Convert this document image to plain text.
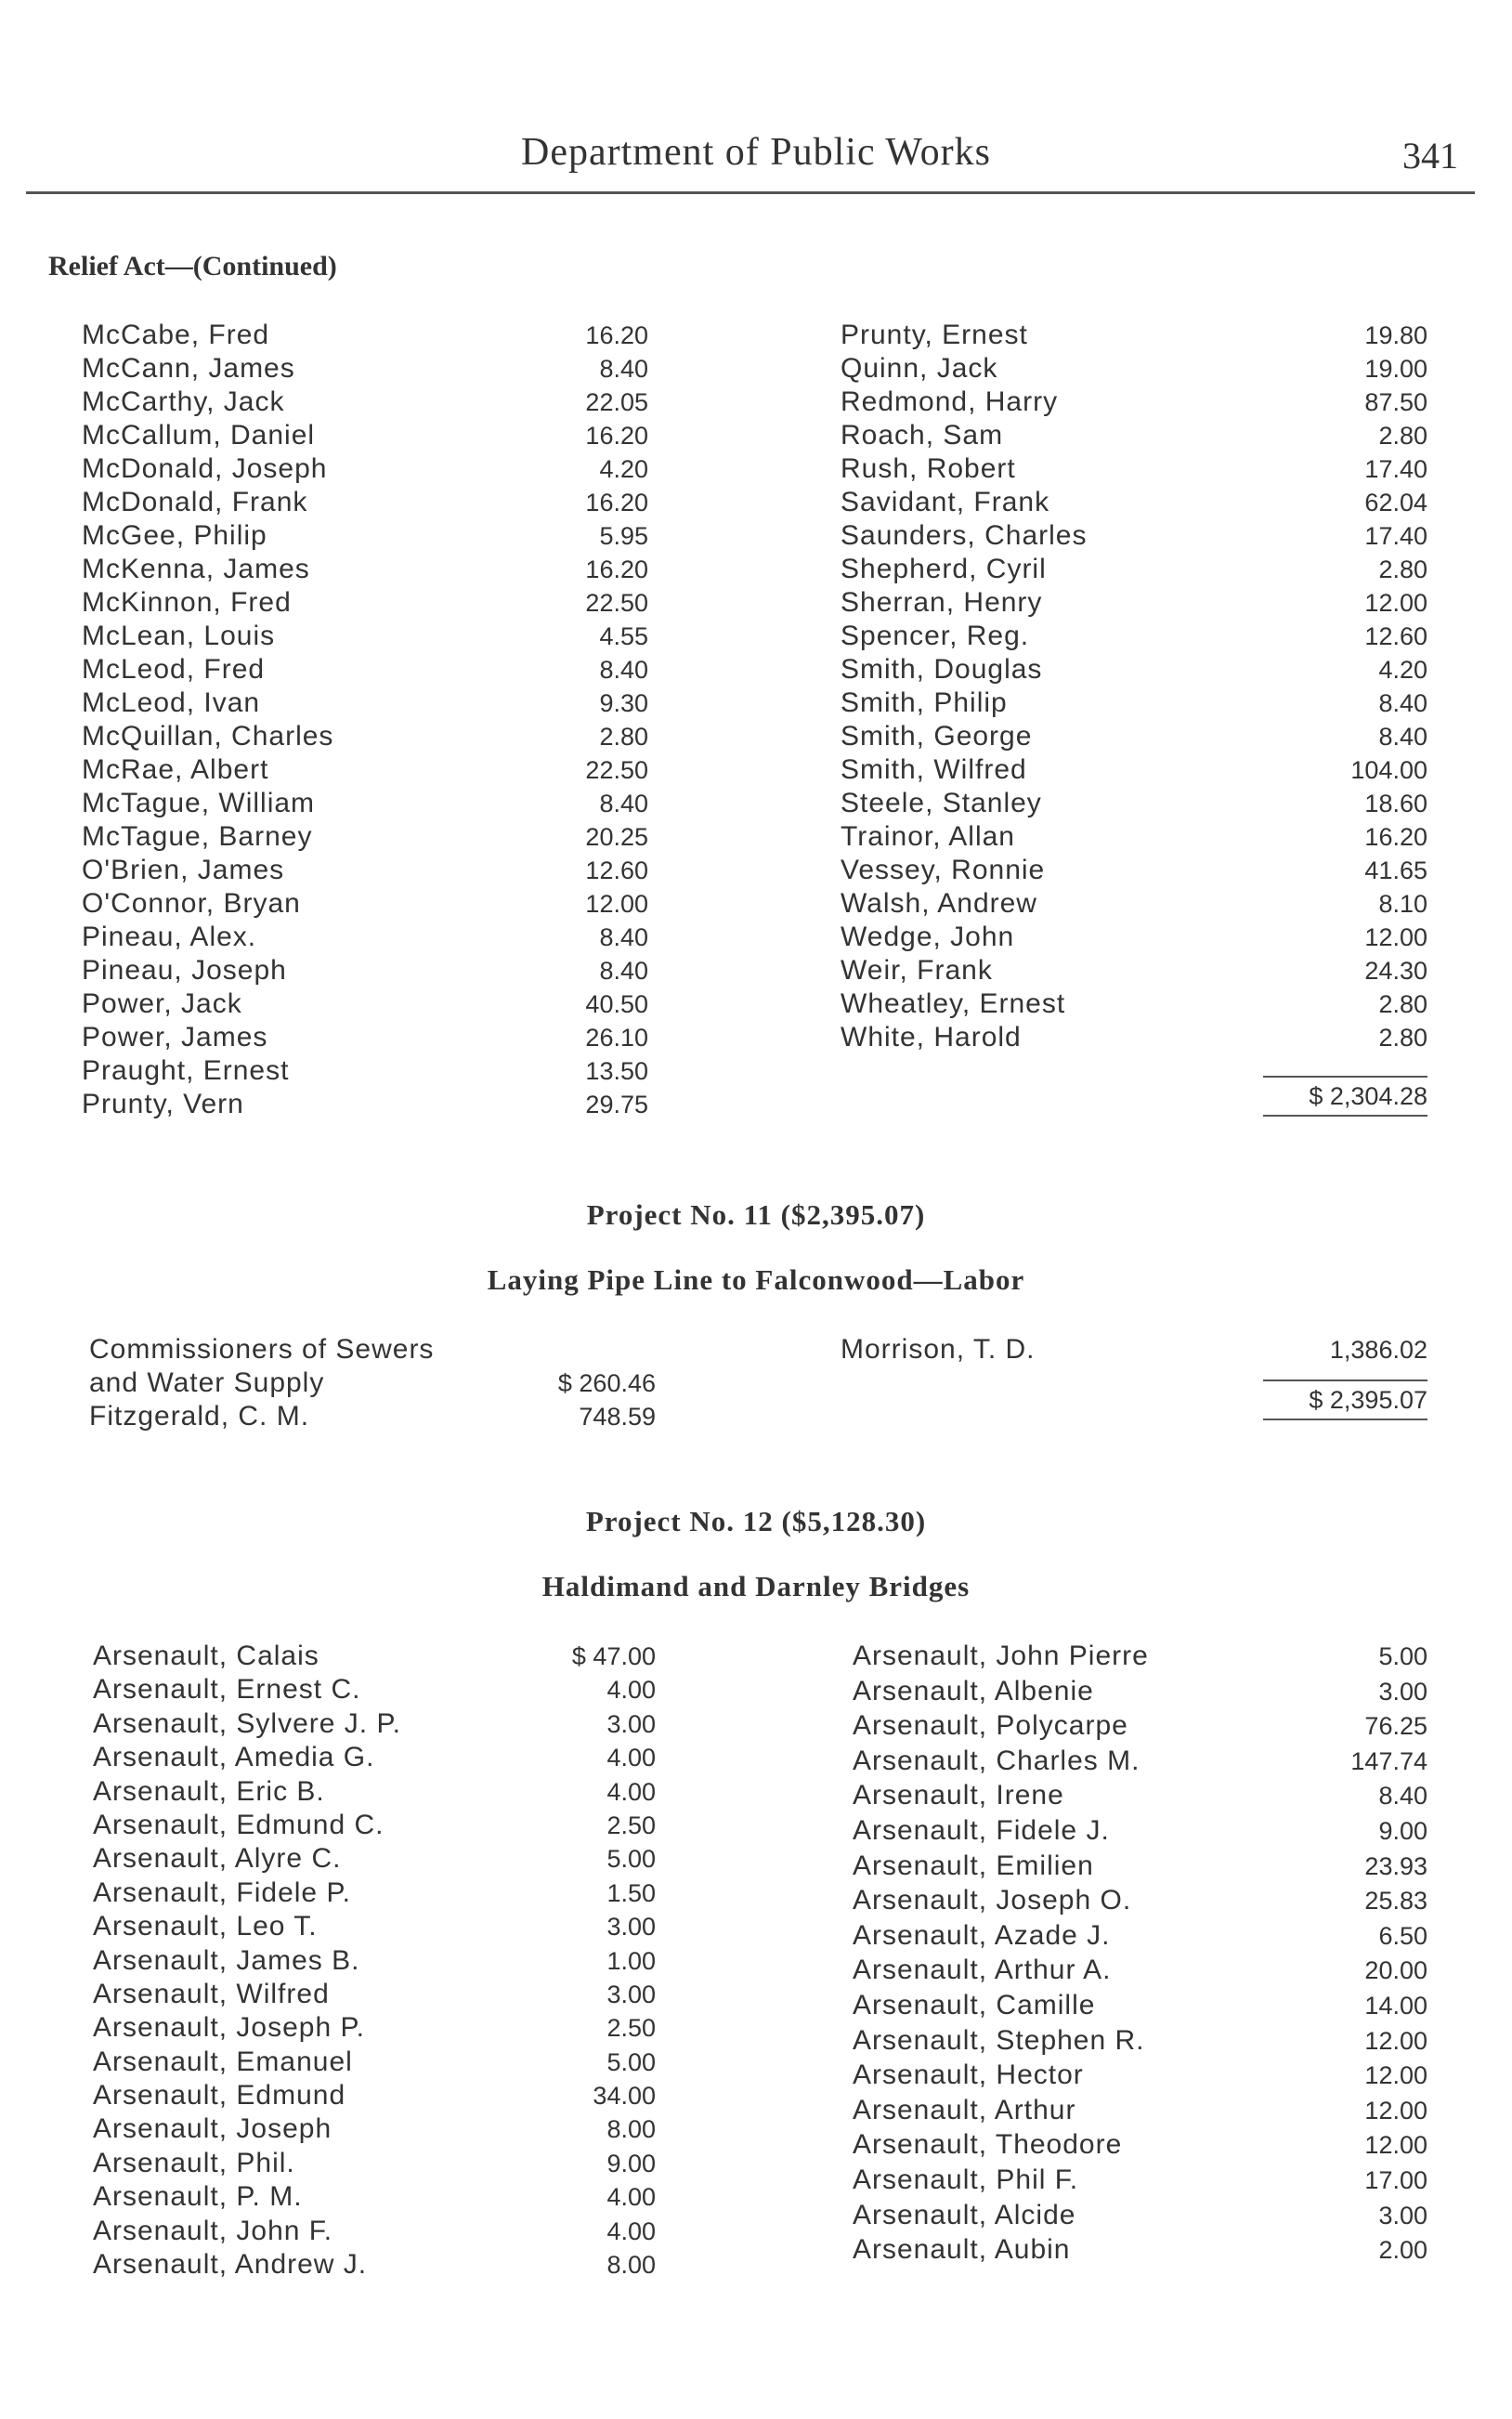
Department of Public Works	341
Relief Act—(Continued)
McCabe, Fred	16.20
McCann, James	8.40
McCarthy, Jack	22.05
McCallum, Daniel	16.20
McDonald, Joseph	4.20
McDonald, Frank	16.20
McGee, Philip	5.95
McKenna, James	16.20
McKinnon, Fred	22.50
McLean, Louis	4.55
McLeod, Fred	8.40
McLeod, Ivan	9.30
McQuillan, Charles	2.80
McRae, Albert	22.50
McTague, William	8.40
McTague, Barney	20.25
O'Brien, James	12.60
O'Connor, Bryan	12.00
Pineau, Alex.	8.40
Pineau, Joseph	8.40
Power, Jack	40.50
Power, James	26.10
Praught, Ernest	13.50
Prunty, Vern	29.75
Prunty, Ernest	19.80
Quinn, Jack	19.00
Redmond, Harry	87.50
Roach, Sam	2.80
Rush, Robert	17.40
Savidant, Frank	62.04
Saunders, Charles	17.40
Shepherd, Cyril	2.80
Sherran, Henry	12.00
Spencer, Reg.	12.60
Smith, Douglas	4.20
Smith, Philip	8.40
Smith, George	8.40
Smith, Wilfred	104.00
Steele, Stanley	18.60
Trainor, Allan	16.20
Vessey, Ronnie	41.65
Walsh, Andrew	8.10
Wedge, John	12.00
Weir, Frank	24.30
Wheatley, Ernest	2.80
White, Harold	2.80
$ 2,304.28
Project No. 11 ($2,395.07)
Laying Pipe Line to Falconwood—Labor
Commissioners of Sewers
and Water Supply	$ 260.46
Fitzgerald, C. M.	748.59
Morrison, T. D.	1,386.02
$ 2,395.07
Project No. 12 ($5,128.30)
Haldimand and Darnley Bridges
Arsenault, Calais	$ 47.00
Arsenault, Ernest C.	4.00
Arsenault, Sylvere J. P.	3.00
Arsenault, Amedia G.	4.00
Arsenault, Eric B.	4.00
Arsenault, Edmund C.	2.50
Arsenault, Alyre C.	5.00
Arsenault, Fidele P.	1.50
Arsenault, Leo T.	3.00
Arsenault, James B.	1.00
Arsenault, Wilfred	3.00
Arsenault, Joseph P.	2.50
Arsenault, Emanuel	5.00
Arsenault, Edmund	34.00
Arsenault, Joseph	8.00
Arsenault, Phil.	9.00
Arsenault, P. M.	4.00
Arsenault, John F.	4.00
Arsenault, Andrew J.	8.00
Arsenault, John Pierre	5.00
Arsenault, Albenie	3.00
Arsenault, Polycarpe	76.25
Arsenault, Charles M.	147.74
Arsenault, Irene	8.40
Arsenault, Fidele J.	9.00
Arsenault, Emilien	23.93
Arsenault, Joseph O.	25.83
Arsenault, Azade J.	6.50
Arsenault, Arthur A.	20.00
Arsenault, Camille	14.00
Arsenault, Stephen R.	12.00
Arsenault, Hector	12.00
Arsenault, Arthur	12.00
Arsenault, Theodore	12.00
Arsenault, Phil F.	17.00
Arsenault, Alcide	3.00
Arsenault, Aubin	2.00
